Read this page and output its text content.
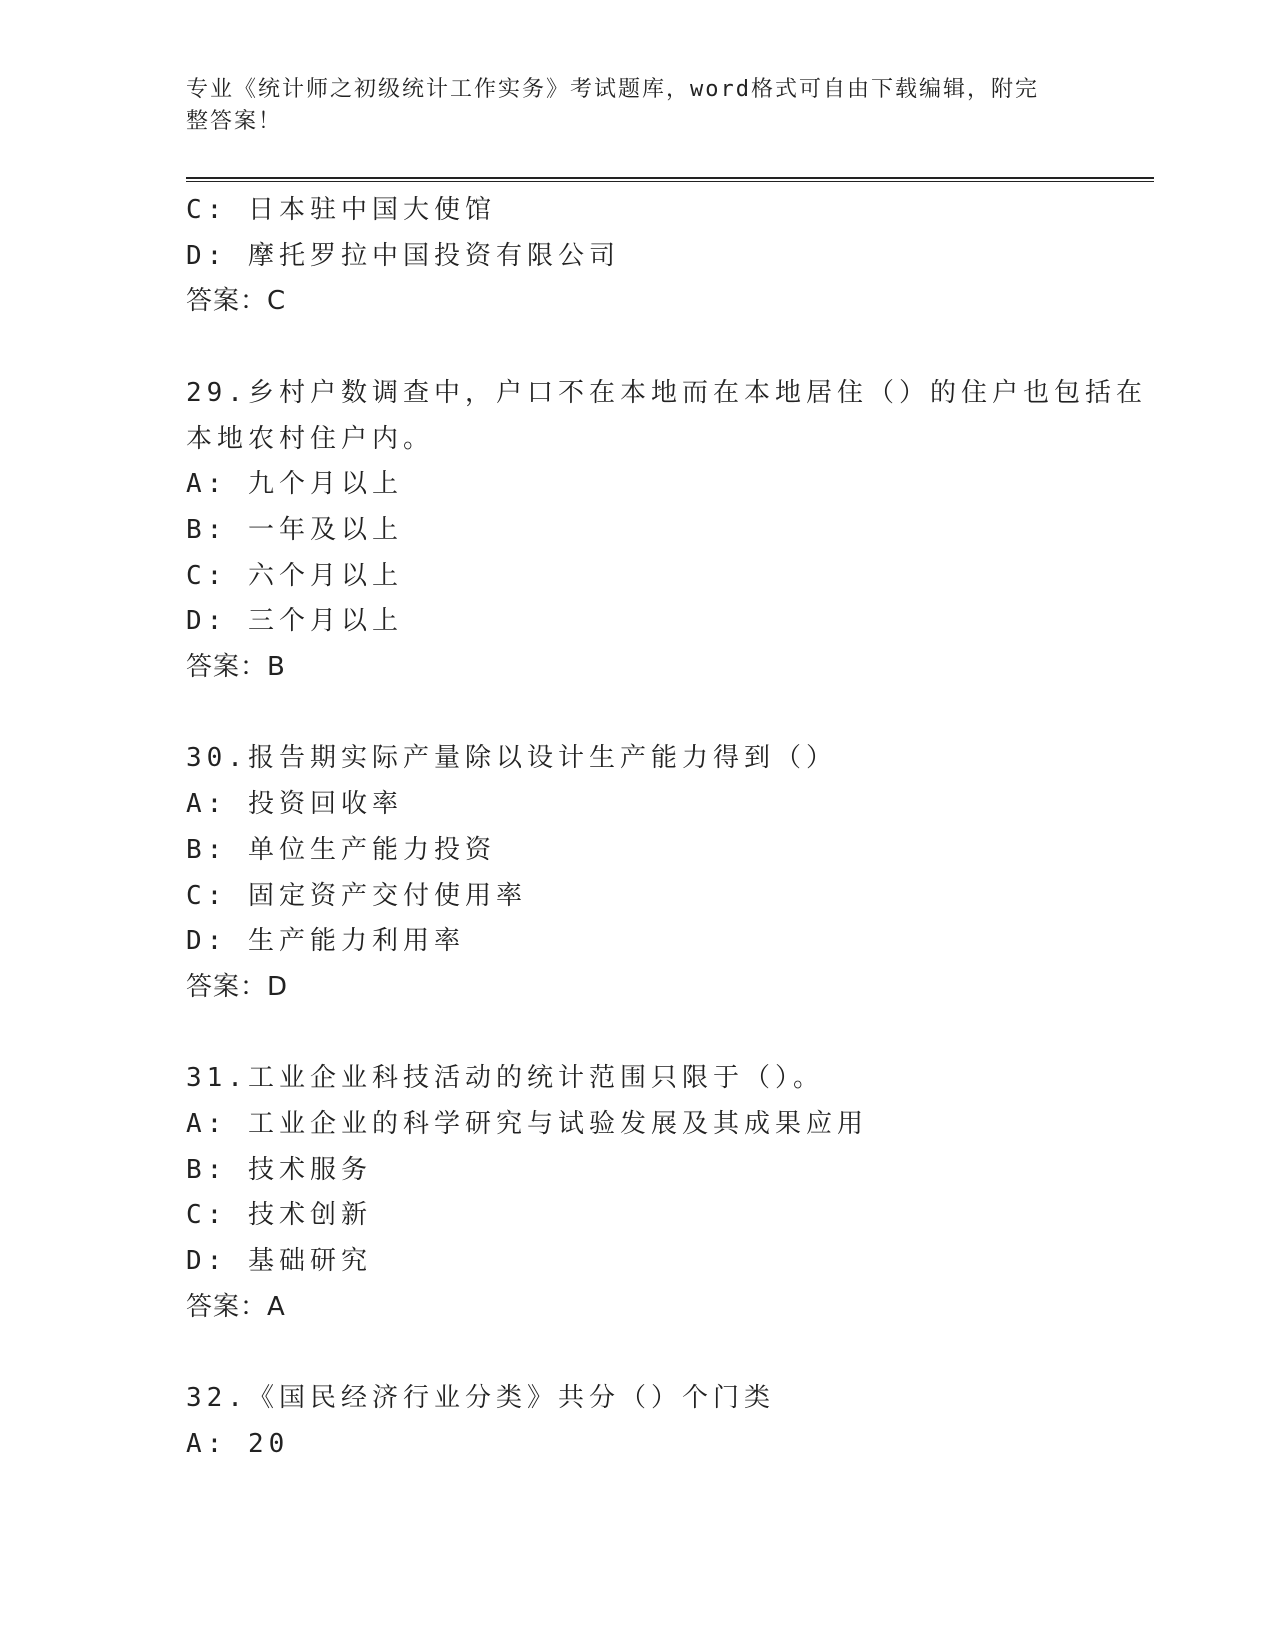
专业《统计师之初级统计工作实务》考试题库，word格式可自由下载编辑，附完
整答案！
C: 日本驻中国大使馆
D: 摩托罗拉中国投资有限公司
答案：C
29.乡村户数调查中，户口不在本地而在本地居住（）的住户也包括在
本地农村住户内。
A: 九个月以上
B: 一年及以上
C: 六个月以上
D: 三个月以上
答案：B
30.报告期实际产量除以设计生产能力得到（）
A: 投资回收率
B: 单位生产能力投资
C: 固定资产交付使用率
D: 生产能力利用率
答案：D
31.工业企业科技活动的统计范围只限于（）。
A: 工业企业的科学研究与试验发展及其成果应用
B: 技术服务
C: 技术创新
D: 基础研究
答案：A
32.《国民经济行业分类》共分（）个门类
A: 20
